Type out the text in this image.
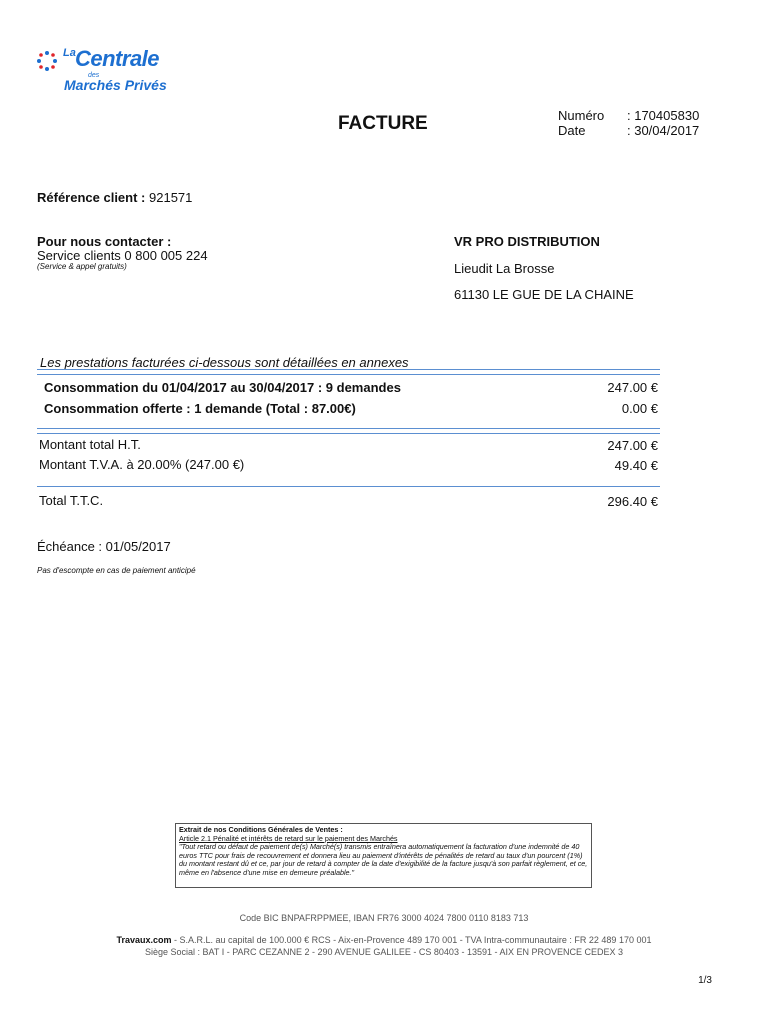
La Centrale
des
Marchés Privés
FACTURE	Numéro : 170405830
Date	: 30/04/2017
Référence client : 921571
Pour nous contacter :
Service clients 0 800 005 224
(Service & appel gratuits)
VR PRO DISTRIBUTION
Lieudit La Brosse
61130 LE GUE DE LA CHAINE
Les prestations facturées ci-dessous sont détaillées en annexes
Consommation du 01/04/2017 au 30/04/2017 : 9 demandes	247.00 €
Consommation offerte : 1 demande (Total : 87.00€)	0.00 €
Montant total H.T.	247.00 €
Montant T.V.A. à 20.00% (247.00 €)	49.40 €
Total T.T.C.	296.40 €
Échéance : 01/05/2017
Pas d'escompte en cas de paiement anticipé
Extrait de nos Conditions Générales de Ventes :
Article 2.1 Pénalité et intérêts de retard sur le paiement des Marchés
"Tout retard ou défaut de paiement de(s) Marché(s) transmis entraînera automatiquement la facturation d'une indemnité de 40 euros TTC pour frais de recouvrement et donnera lieu au paiement d'intérêts de pénalités de retard au taux d'un pourcent (1%) du montant restant dû et ce, par jour de retard à compter de la date d'exigibilité de la facture jusqu'à son parfait règlement, et ce, même en l'absence d'une mise en demeure préalable."
Code BIC BNPAFRPPMEE, IBAN FR76 3000 4024 7800 0110 8183 713
Travaux.com - S.A.R.L. au capital de 100.000 € RCS - Aix-en-Provence 489 170 001 - TVA Intra-communautaire : FR 22 489 170 001
Siège Social : BAT I - PARC CEZANNE 2 - 290 AVENUE GALILEE - CS 80403 - 13591 - AIX EN PROVENCE CEDEX 3
1/3
